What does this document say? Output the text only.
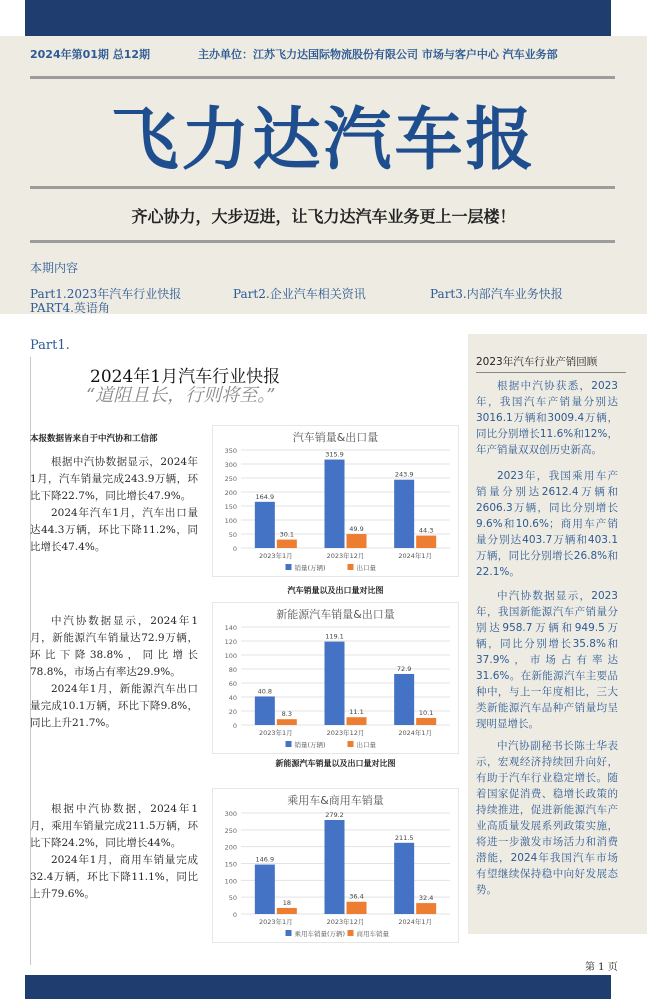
2024年第01期 总12期	主办单位：江苏飞力达国际物流股份有限公司 市场与客户中心 汽车业务部
飞力达汽车报
齐心协力，大步迈进，让飞力达汽车业务更上一层楼！
本期内容
Part1.2023年汽车行业快报	Part2.企业汽车相关资讯	Part3.内部汽车业务快报
PART4.英语角
Part1.
2024年1月汽车行业快报
“道阻且长，行则将至。”
本报数据皆来自于中汽协和工信部

根据中汽协数据显示，2024年1月，汽车销量完成243.9万辆，环比下降22.7%，同比增长47.9%。

2024年汽车1月，汽车出口量达44.3万辆，环比下降11.2%，同比增长47.4%。

中汽协数据显示，2024年1月，新能源汽车销量达72.9万辆，环比下降38.8%，同比增长78.8%，市场占有率达29.9%。

2024年1月，新能源汽车出口量完成10.1万辆，环比下降9.8%，同比上升21.7%。

根据中汽协数据，2024年1月，乘用车销量完成211.5万辆，环比下降24.2%，同比增长44%。

2024年1月，商用车销量完成32.4万辆，环比下降11.1%，同比上升79.6%。

汽车销量&出口量
0
50
100
150
200
250
300
350
164.9
30.1
2023年1月
315.9
49.9
2023年12月
243.9
44.3
2024年1月
销量(万辆)	出口量
汽车销量以及出口量对比图
新能源汽车销量&出口量
0
20
40
60
80
100
120
140
40.8
8.3
2023年1月
119.1
11.1
2023年12月
72.9
10.1
2024年1月
销量(万辆)	出口量
新能源汽车销量以及出口量对比图
乘用车&商用车销量
0
50
100
150
200
250
300
146.9
18
2023年1月
279.2
36.4
2023年12月
211.5
32.4
2024年1月
乘用车销量(万辆) 商用车销量
2023年汽车行业产销回顾

根据中汽协获悉，2023年，我国汽车产销量分别达3016.1万辆和3009.4万辆，同比分别增长11.6%和12%，年产销量双双创历史新高。

2023年，我国乘用车产销量分别达2612.4万辆和2606.3万辆，同比分别增长9.6%和10.6%；商用车产销量分别达403.7万辆和403.1万辆，同比分别增长26.8%和22.1%。

中汽协数据显示，2023年，我国新能源汽车产销量分别达958.7万辆和949.5万辆，同比分别增长35.8%和37.9%，市场占有率达31.6%。在新能源汽车主要品种中，与上一年度相比，三大类新能源汽车品种产销量均呈现明显增长。

中汽协副秘书长陈士华表示，宏观经济持续回升向好，有助于汽车行业稳定增长。随着国家促消费、稳增长政策的持续推进，促进新能源汽车产业高质量发展系列政策实施，将进一步激发市场活力和消费潜能，2024年我国汽车市场有望继续保持稳中向好发展态势。

第 1 页
